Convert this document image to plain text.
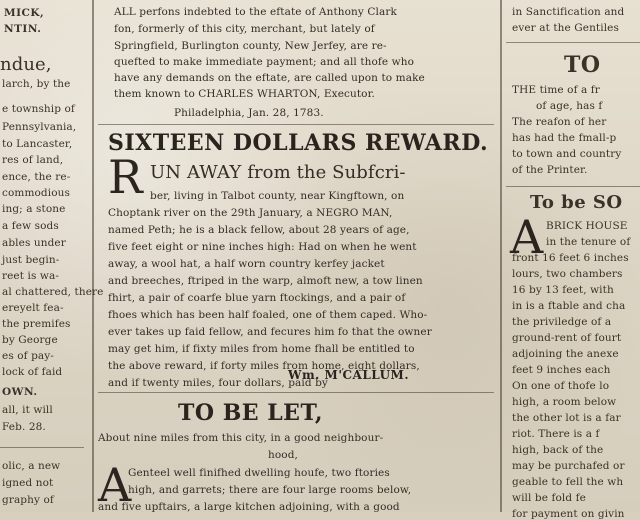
MICK,
NTIN.
ndue,
larch, by the
e township of
Pennsylvania,
to Lancaster,
res of land,
ence, the re-
commodious
ing; a stone
a few sods
ables under
just begin-
reet is wa-
al chattered, there
ereyelt fea-
the premifes
by George
es of pay-
lock of faid
OWN.
all, it will
Feb. 28.
olic, a new
igned not
graphy of
ALL perfons indebted to the eftate of Anthony Clark
fon, formerly of this city, merchant, but lately of
Springfield, Burlington county, New Jerfey, are re-
quefted to make immediate payment; and all thofe who
have any demands on the eftate, are called upon to make
them known to CHARLES WHARTON, Executor.
Philadelphia, Jan. 28, 1783.
SIXTEEN DOLLARS REWARD.
R UN AWAY from the Subfcri-
ber, living in Talbot county, near Kingftown, on
Choptank river on the 29th January, a NEGRO MAN,
named Peth; he is a black fellow, about 28 years of age,
five feet eight or nine inches high: Had on when he went
away, a wool hat, a half worn country kerfey jacket
and breeches, ftriped in the warp, almoft new, a tow linen
fhirt, a pair of coarfe blue yarn ftockings, and a pair of
fhoes which has been half foaled, one of them caped. Who-
ever takes up faid fellow, and fecures him fo that the owner
may get him, if fixty miles from home fhall be entitled to
the above reward, if forty miles from home, eight dollars,
and if twenty miles, four dollars, paid by
Wm. M'CALLUM.
TO BE LET,
About nine miles from this city, in a good neighbour-
hood,
A
Genteel well finifhed dwelling houfe, two ftories
high, and garrets; there are four large rooms below,
and five upftairs, a large kitchen adjoining, with a good
in Sanctification and
ever at the Gentiles
TO
THE time of a fr
of age, has f
The reafon of her
has had the fmall-p
to town and country
of the Printer.
To be SO
A BRICK HOUSE
in the tenure of
front 16 feet 6 inches
lours, two chambers
16 by 13 feet, with
in is a ftable and cha
the priviledge of a
ground-rent of fourt
adjoining the anexe
feet 9 inches each
On one of thofe lo
high, a room below
the other lot is a far
riot. There is a f
high, back of the
may be purchafed or
geable to fell the wh
will be fold fe
for payment on givin
